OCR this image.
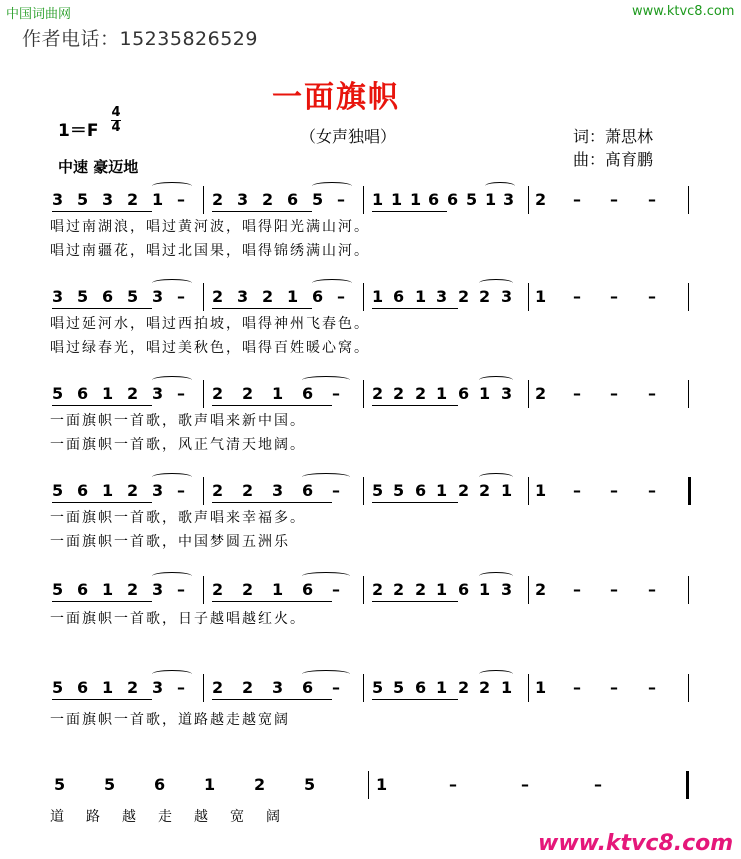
中国词曲网	www.ktvc8.com
作者电话：15235826529
一面旗帜
（女声独唱）	词：萧思林
曲：髙育鹏
1＝F
4
4
中速 豪迈地
3 5 3 2 1 – 2 3 2 6 5 – 1 1 1 6 6 5 1 3 2 – – –
唱过南湖浪，唱过黄河波，唱得阳光满山河。
唱过南疆花，唱过北国果，唱得锦绣满山河。
3 5 6 5 3 – 2 3 2 1 6 – 1 6 1 3 2 2 3 1 – – –
唱过延河水，唱过西拍坡，唱得神州飞春色。
唱过绿春光，唱过美秋色，唱得百姓暖心窝。
5 6 1 2 3 – 2 2 1 6 – 2 2 2 1 6 1 3 2 – – –
一面旗帜一首歌，歌声唱来新中国。
一面旗帜一首歌，风正气清天地阔。
5 6 1 2 3 – 2 2 3 6 – 5 5 6 1 2 2 1 1 – – –
一面旗帜一首歌，歌声唱来幸福多。
一面旗帜一首歌，中国梦圆五洲乐
5 6 1 2 3 – 2 2 1 6 – 2 2 2 1 6 1 3 2 – – –
一面旗帜一首歌，日子越唱越红火。
5 6 1 2 3 – 2 2 3 6 – 5 5 6 1 2 2 1 1 – – –
一面旗帜一首歌，道路越走越宽阔
5 5 6 1 2 5	1	–	–	–
道路越走越宽阔
www.ktvc8.com
